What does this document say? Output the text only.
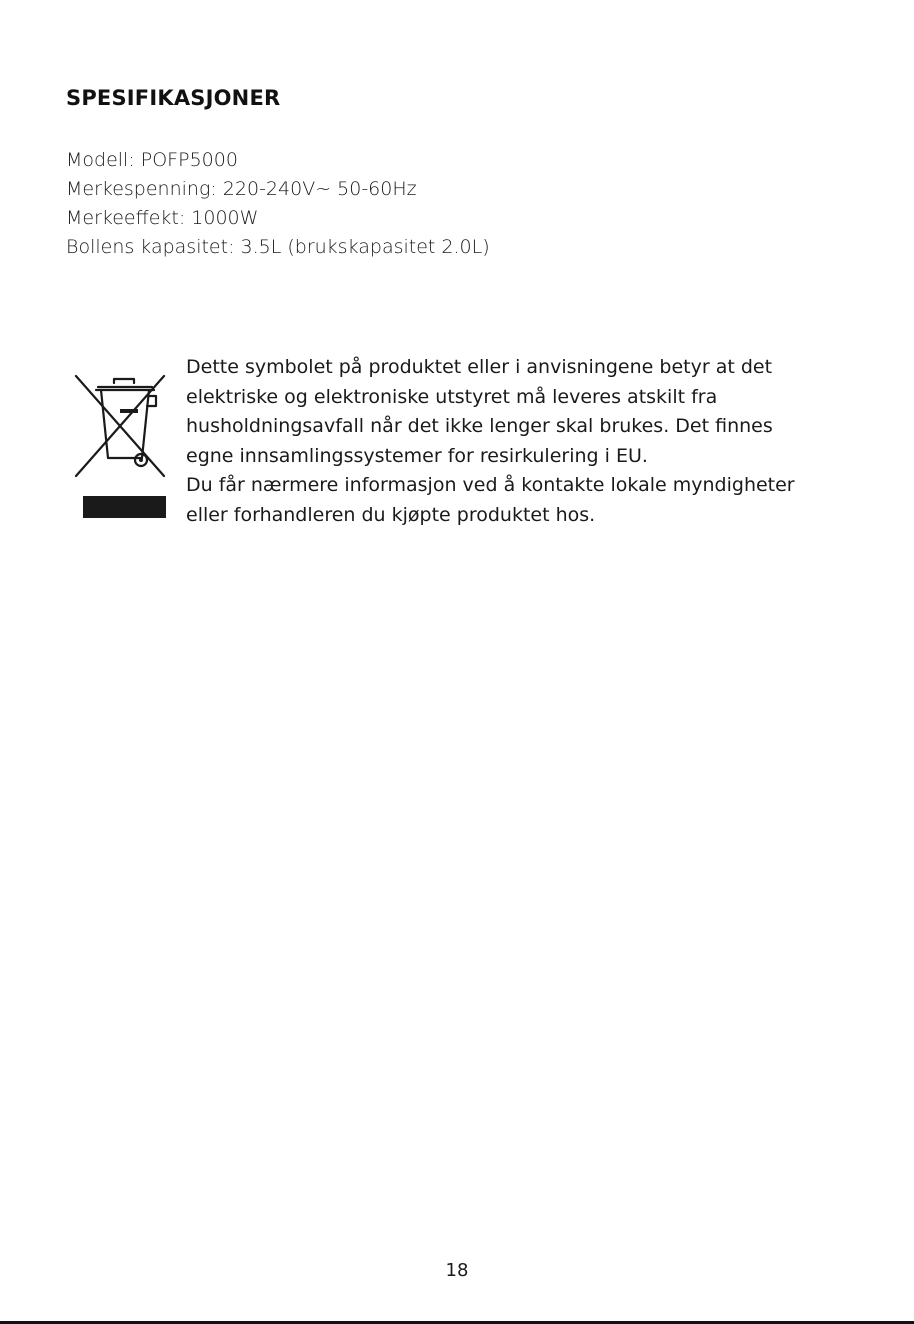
SPESIFIKASJONER
Modell: POFP5000
Merkespenning: 220-240V~ 50-60Hz
Merkeeffekt: 1000W
Bollens kapasitet: 3.5L (brukskapasitet 2.0L)
Dette symbolet på produktet eller i anvisningene betyr at det
elektriske og elektroniske utstyret må leveres atskilt fra
husholdningsavfall når det ikke lenger skal brukes. Det finnes
egne innsamlingssystemer for resirkulering i EU.
Du får nærmere informasjon ved å kontakte lokale myndigheter
eller forhandleren du kjøpte produktet hos.
18
